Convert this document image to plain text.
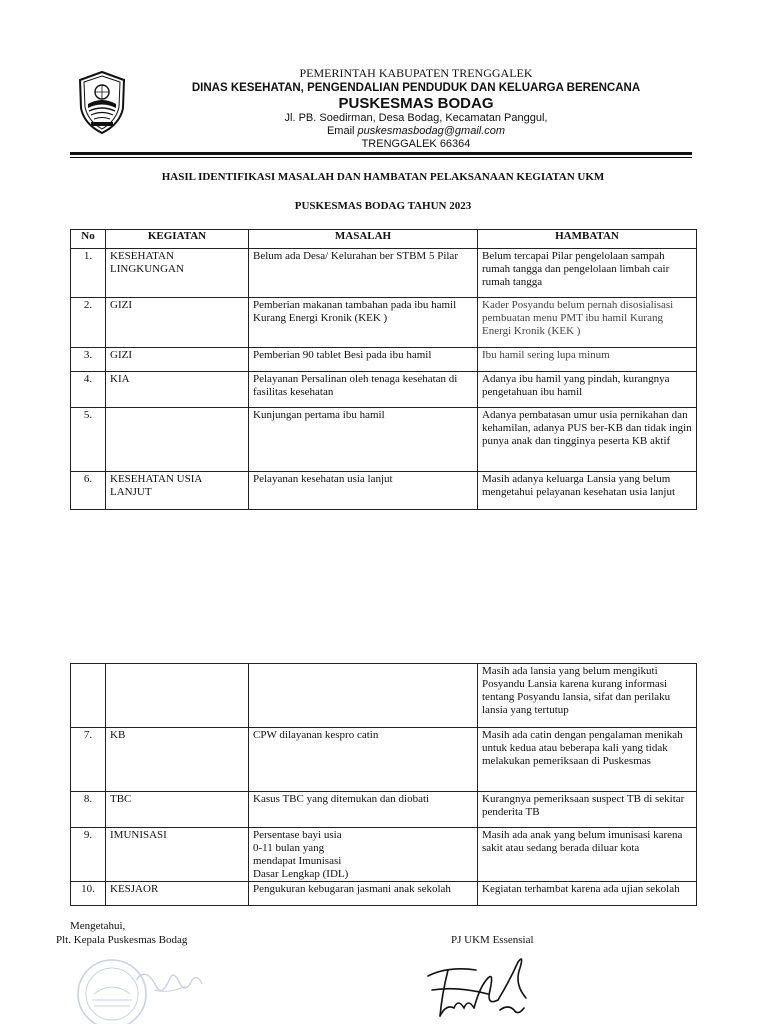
PEMERINTAH KABUPATEN TRENGGALEK
DINAS KESEHATAN, PENGENDALIAN PENDUDUK DAN KELUARGA BERENCANA
PUSKESMAS BODAG
Jl. PB. Soedirman, Desa Bodag, Kecamatan Panggul,
Email puskesmasbodag@gmail.com
TRENGGALEK 66364
HASIL IDENTIFIKASI MASALAH DAN HAMBATAN PELAKSANAAN KEGIATAN UKM
PUSKESMAS BODAG TAHUN 2023
No	KEGIATAN	MASALAH	HAMBATAN
1.	KESEHATAN LINGKUNGAN	Belum ada Desa/ Kelurahan ber STBM 5 Pilar	Belum tercapai Pilar pengelolaan sampah rumah tangga dan pengelolaan limbah cair rumah tangga
2.	GIZI	Pemberian makanan tambahan pada ibu hamil Kurang Energi Kronik (KEK )	Kader Posyandu belum pernah disosialisasi pembuatan menu PMT ibu hamil Kurang Energi Kronik (KEK )
3.	GIZI	Pemberian 90 tablet Besi pada ibu hamil	Ibu hamil sering lupa minum
4.	KIA	Pelayanan Persalinan oleh tenaga kesehatan di fasilitas kesehatan	Adanya ibu hamil yang pindah, kurangnya pengetahuan ibu hamil
5.		Kunjungan pertama ibu hamil	Adanya pembatasan umur usia pernikahan dan kehamilan, adanya PUS ber-KB dan tidak ingin punya anak dan tingginya peserta KB aktif
6.	KESEHATAN USIA LANJUT	Pelayanan kesehatan usia lanjut	Masih adanya keluarga Lansia yang belum mengetahui pelayanan kesehatan usia lanjut
			Masih ada lansia yang belum mengikuti Posyandu Lansia karena kurang informasi tentang Posyandu lansia, sifat dan perilaku lansia yang tertutup
7.	KB	CPW dilayanan kespro catin	Masih ada catin dengan pengalaman menikah untuk kedua atau beberapa kali yang tidak melakukan pemeriksaan di Puskesmas
8.	TBC	Kasus TBC yang ditemukan dan diobati	Kurangnya pemeriksaan suspect TB di sekitar penderita TB
9.	IMUNISASI	Persentase bayi usia
0-11 bulan yang
mendapat Imunisasi
Dasar Lengkap (IDL)	Masih ada anak yang belum imunisasi karena sakit atau sedang berada diluar kota
10.	KESJAOR	Pengukuran kebugaran jasmani anak sekolah	Kegiatan terhambat karena ada ujian sekolah
Mengetahui,
Plt. Kepala Puskesmas Bodag	PJ UKM Essensial
